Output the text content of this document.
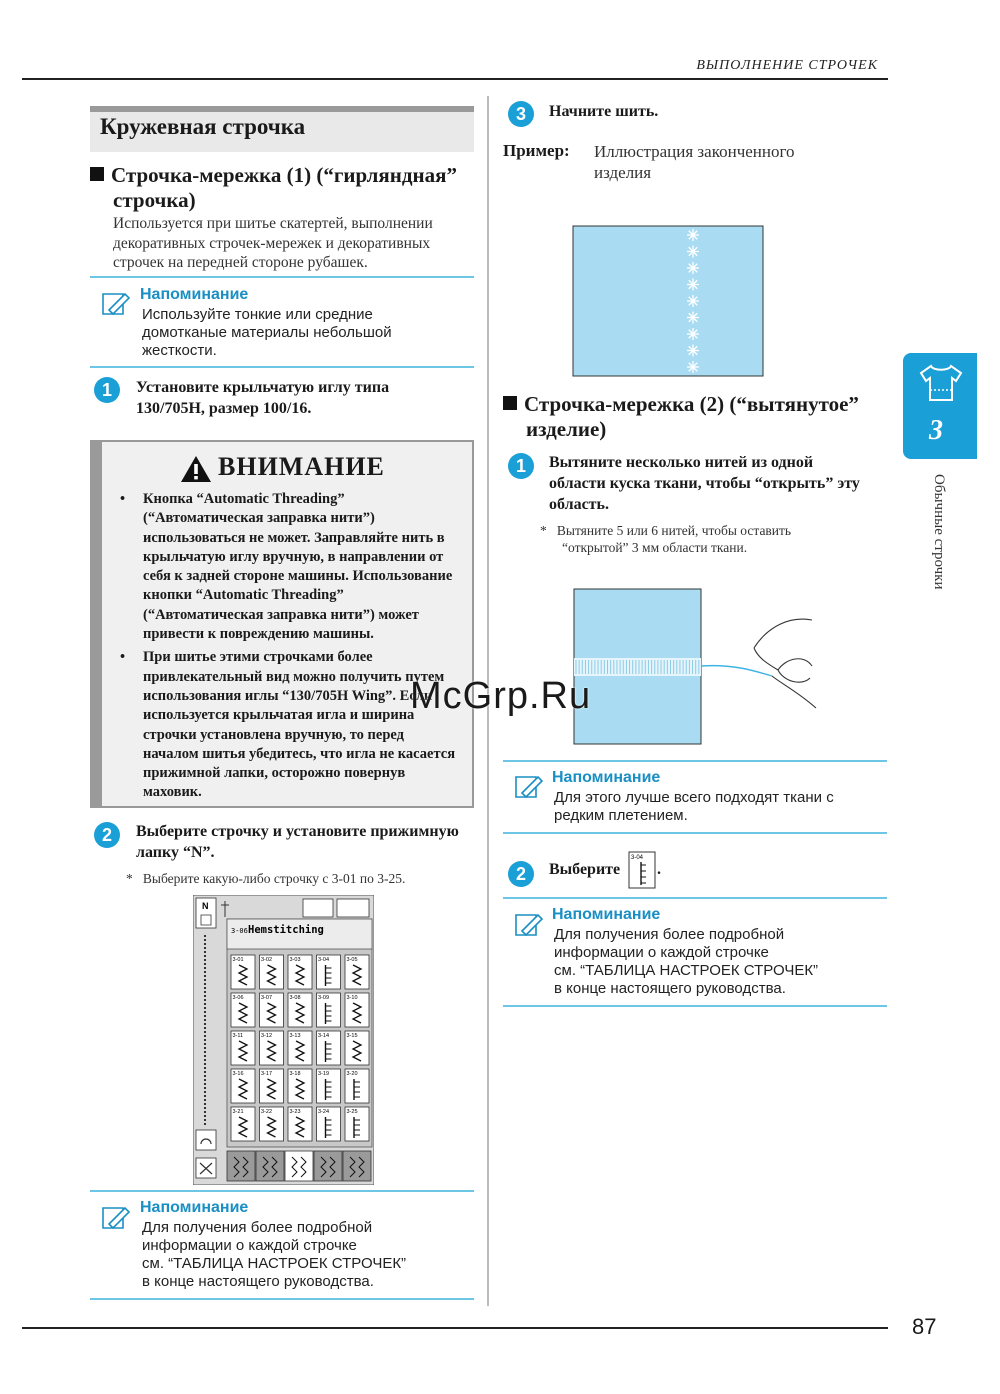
ВЫПОЛНЕНИЕ СТРОЧЕК
Кружевная строчка
Строчка-мережка (1) (“гирляндная”
строчка)
Используется при шитье скатертей, выполнении
декоративных строчек-мережек и декоративных
строчек на передней стороне рубашек.
Напоминание
Используйте тонкие или средние
домотканые материалы небольшой
жесткости.
1	Установите крыльчатую иглу типа
130/705H, размер 100/16.
ВНИМАНИЕ
• Кнопка “Automatic Threading”
(“Автоматическая заправка нити”)
использоваться не может. Заправляйте нить в
крыльчатую иглу вручную, в направлении от
себя к задней стороне машины. Использование
кнопки “Automatic Threading”
(“Автоматическая заправка нити”) может
привести к повреждению машины.
• При шитье этими строчками более
привлекательный вид можно получить путем
использования иглы “130/705H Wing”. Если
используется крыльчатая игла и ширина
строчки установлена вручную, то перед
началом шитья убедитесь, что игла не касается
прижимной лапки, осторожно повернув
маховик.
2	Выберите строчку и установите прижимную
лапку “N”.
*   Выберите какую-либо строчку с 3-01 по 3-25.
N
3-06 Hemstitching
3-01	3-02	3-03	3-04	3-05
3-06	3-07	3-08	3-09	3-10
3-11	3-12	3-13	3-14	3-15
3-16	3-17	3-18	3-19	3-20
3-21	3-22	3-23	3-24	3-25
Напоминание
Для получения более подробной
информации о каждой строчке
см. “ТАБЛИЦА НАСТРОЕК СТРОЧЕК”
в конце настоящего руководства.
3	Начните шить.
Пример: Иллюстрация законченного
изделия
Строчка-мережка (2) (“вытянутое”
изделие)
1	Вытяните несколько нитей из одной
области куска ткани, чтобы “открыть” эту
область.
*   Вытяните 5 или 6 нитей, чтобы оставить
“открытой” 3 мм области ткани.
Напоминание
Для этого лучше всего подходят ткани с
редким плетением.
2	Выберите
3-04
.
Напоминание
Для получения более подробной
информации о каждой строчке
см. “ТАБЛИЦА НАСТРОЕК СТРОЧЕК”
в конце настоящего руководства.
3
Обычные строчки
McGrp.Ru
87
